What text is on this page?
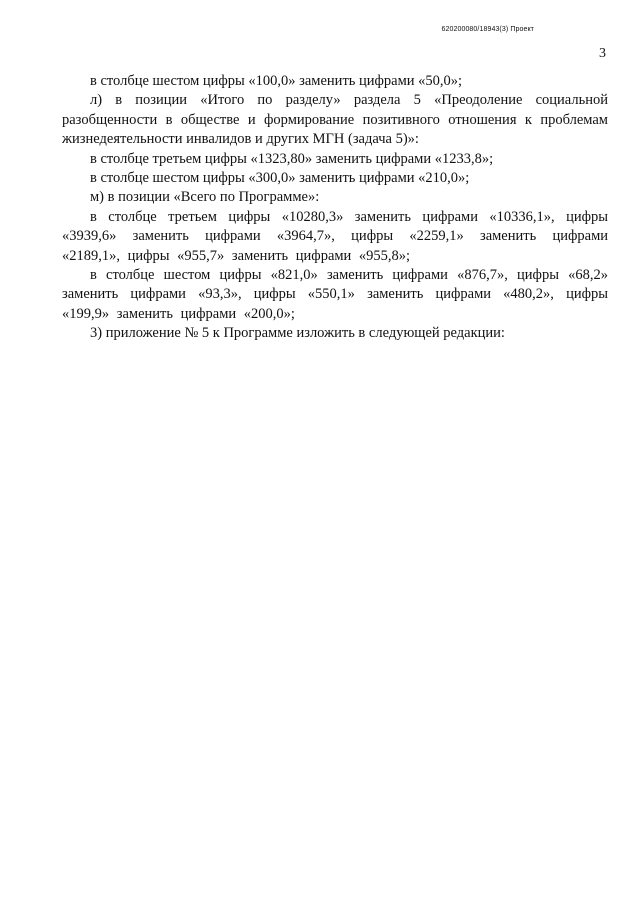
620200080/18943(3) Проект
3

в столбце шестом цифры «100,0» заменить цифрами «50,0»;

л) в позиции «Итого по разделу» раздела 5 «Преодоление социальной разобщенности в обществе и формирование позитивного отношения к проблемам жизнедеятельности инвалидов и других МГН (задача 5)»:

в столбце третьем цифры «1323,80» заменить цифрами «1233,8»;

в столбце шестом цифры «300,0» заменить цифрами «210,0»;

м) в позиции «Всего по Программе»:

в столбце третьем цифры «10280,3» заменить цифрами «10336,1», цифры «3939,6» заменить цифрами «3964,7», цифры «2259,1» заменить цифрами «2189,1», цифры «955,7» заменить цифрами «955,8»;

в столбце шестом цифры «821,0» заменить цифрами «876,7», цифры «68,2» заменить цифрами «93,3», цифры «550,1» заменить цифрами «480,2», цифры «199,9» заменить цифрами «200,0»;

3) приложение № 5 к Программе изложить в следующей редакции:
